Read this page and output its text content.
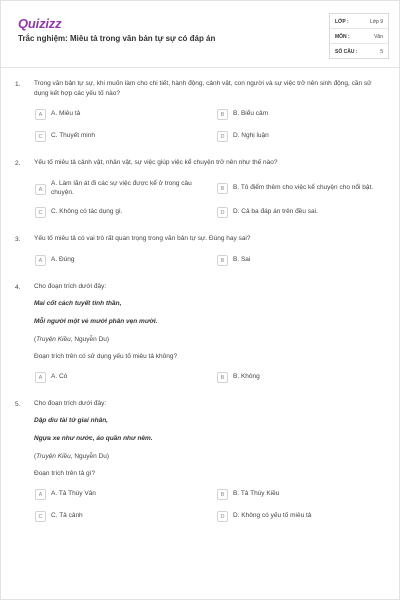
Quizizz
Trắc nghiệm: Miêu tả trong văn bản tự sự có đáp án
LỚP :	Lớp 9
MÔN :	Văn
SỐ CÂU :	5
1. Trong văn bản tự sự, khi muốn làm cho chi tiết, hành động, cảnh vật, con người và sự việc trở nên sinh động, cần sử dụng kết hợp các yếu tố nào?
A	A. Miêu tả	B	B. Biểu cảm
C	C. Thuyết minh	D	D. Nghị luận
2. Yếu tố miêu tả cảnh vật, nhân vật, sự việc giúp việc kể chuyện trở nên như thế nào?
A
A. Làm lãn át đi các sự việc được kể ở trong câu chuyện.	B	B. Tô điểm thêm cho việc kể chuyện cho nổi bật.
C	C. Không có tác dụng gì.	D	D. Cả ba đáp án trên đều sai.
3. Yếu tố miêu tả có vai trò rất quan trọng trong văn bản tự sự. Đúng hay sai?
A	A. Đúng	B	B. Sai
4. Cho đoạn trích dưới đây:
Mai cốt cách tuyết tinh thần,
Mỗi người một vẻ mười phân vẹn mười.
(Truyện Kiều, Nguyễn Du)
Đoạn trích trên có sử dụng yếu tố miêu tả không?
A	A. Có	B	B. Không
5. Cho đoạn trích dưới đây:
Dập dìu tài tử giai nhân,
Ngựa xe như nước, áo quần như nêm.
(Truyện Kiều, Nguyễn Du)
Đoạn trích trên tả gì?
A	A. Tả Thúy Vân	B	B. Tả Thúy Kiều
C	C. Tả cảnh	D	D. Không có yếu tố miêu tả
